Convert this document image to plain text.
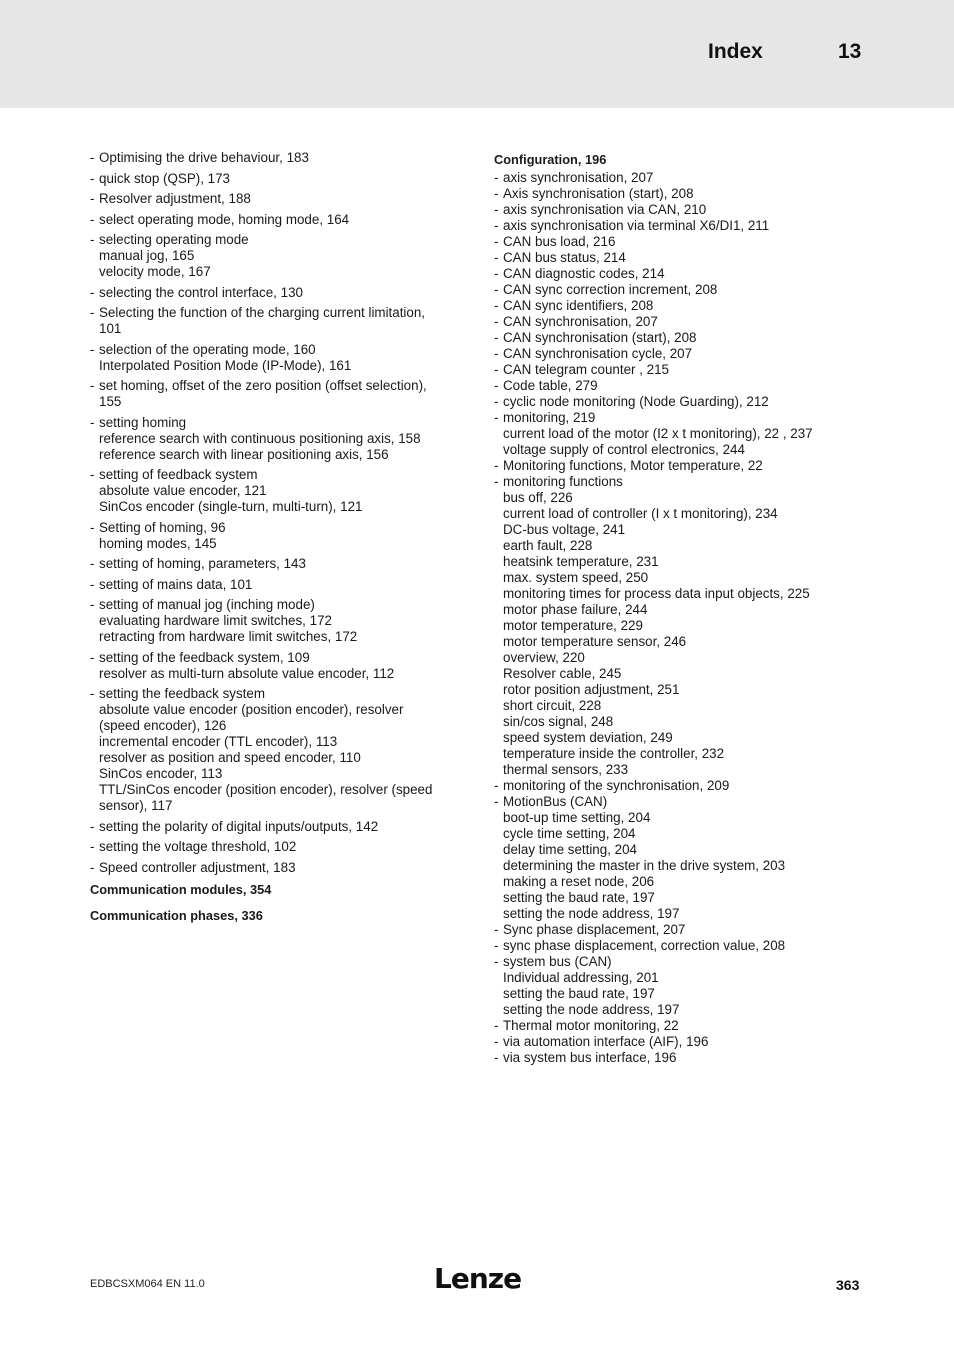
Index	13
- Optimising the drive behaviour, 183
- quick stop (QSP), 173
- Resolver adjustment, 188
- select operating mode, homing mode, 164
- selecting operating mode
manual jog, 165
velocity mode, 167
- selecting the control interface, 130
- Selecting the function of the charging current limitation,
101
- selection of the operating mode, 160
Interpolated Position Mode (IP-Mode), 161
- set homing, offset of the zero position (offset selection),
155
- setting homing
reference search with continuous positioning axis, 158
reference search with linear positioning axis, 156
- setting of feedback system
absolute value encoder, 121
SinCos encoder (single-turn, multi-turn), 121
- Setting of homing, 96
homing modes, 145
- setting of homing, parameters, 143
- setting of mains data, 101
- setting of manual jog (inching mode)
evaluating hardware limit switches, 172
retracting from hardware limit switches, 172
- setting of the feedback system, 109
resolver as multi-turn absolute value encoder, 112
- setting the feedback system
absolute value encoder (position encoder), resolver
(speed encoder), 126
incremental encoder (TTL encoder), 113
resolver as position and speed encoder, 110
SinCos encoder, 113
TTL/SinCos encoder (position encoder), resolver (speed
sensor), 117
- setting the polarity of digital inputs/outputs, 142
- setting the voltage threshold, 102
- Speed controller adjustment, 183
Communication modules, 354
Communication phases, 336
Configuration, 196
- axis synchronisation, 207
- Axis synchronisation (start), 208
- axis synchronisation via CAN, 210
- axis synchronisation via terminal X6/DI1, 211
- CAN bus load, 216
- CAN bus status, 214
- CAN diagnostic codes, 214
- CAN sync correction increment, 208
- CAN sync identifiers, 208
- CAN synchronisation, 207
- CAN synchronisation (start), 208
- CAN synchronisation cycle, 207
- CAN telegram counter , 215
- Code table, 279
- cyclic node monitoring (Node Guarding), 212
- monitoring, 219
current load of the motor (I2 x t monitoring), 22 , 237
voltage supply of control electronics, 244
- Monitoring functions, Motor temperature, 22
- monitoring functions
bus off, 226
current load of controller (I x t monitoring), 234
DC-bus voltage, 241
earth fault, 228
heatsink temperature, 231
max. system speed, 250
monitoring times for process data input objects, 225
motor phase failure, 244
motor temperature, 229
motor temperature sensor, 246
overview, 220
Resolver cable, 245
rotor position adjustment, 251
short circuit, 228
sin/cos signal, 248
speed system deviation, 249
temperature inside the controller, 232
thermal sensors, 233
- monitoring of the synchronisation, 209
- MotionBus (CAN)
boot-up time setting, 204
cycle time setting, 204
delay time setting, 204
determining the master in the drive system, 203
making a reset node, 206
setting the baud rate, 197
setting the node address, 197
- Sync phase displacement, 207
- sync phase displacement, correction value, 208
- system bus (CAN)
Individual addressing, 201
setting the baud rate, 197
setting the node address, 197
- Thermal motor monitoring, 22
- via automation interface (AIF), 196
- via system bus interface, 196
EDBCSXM064 EN 11.0	Lenze	363
